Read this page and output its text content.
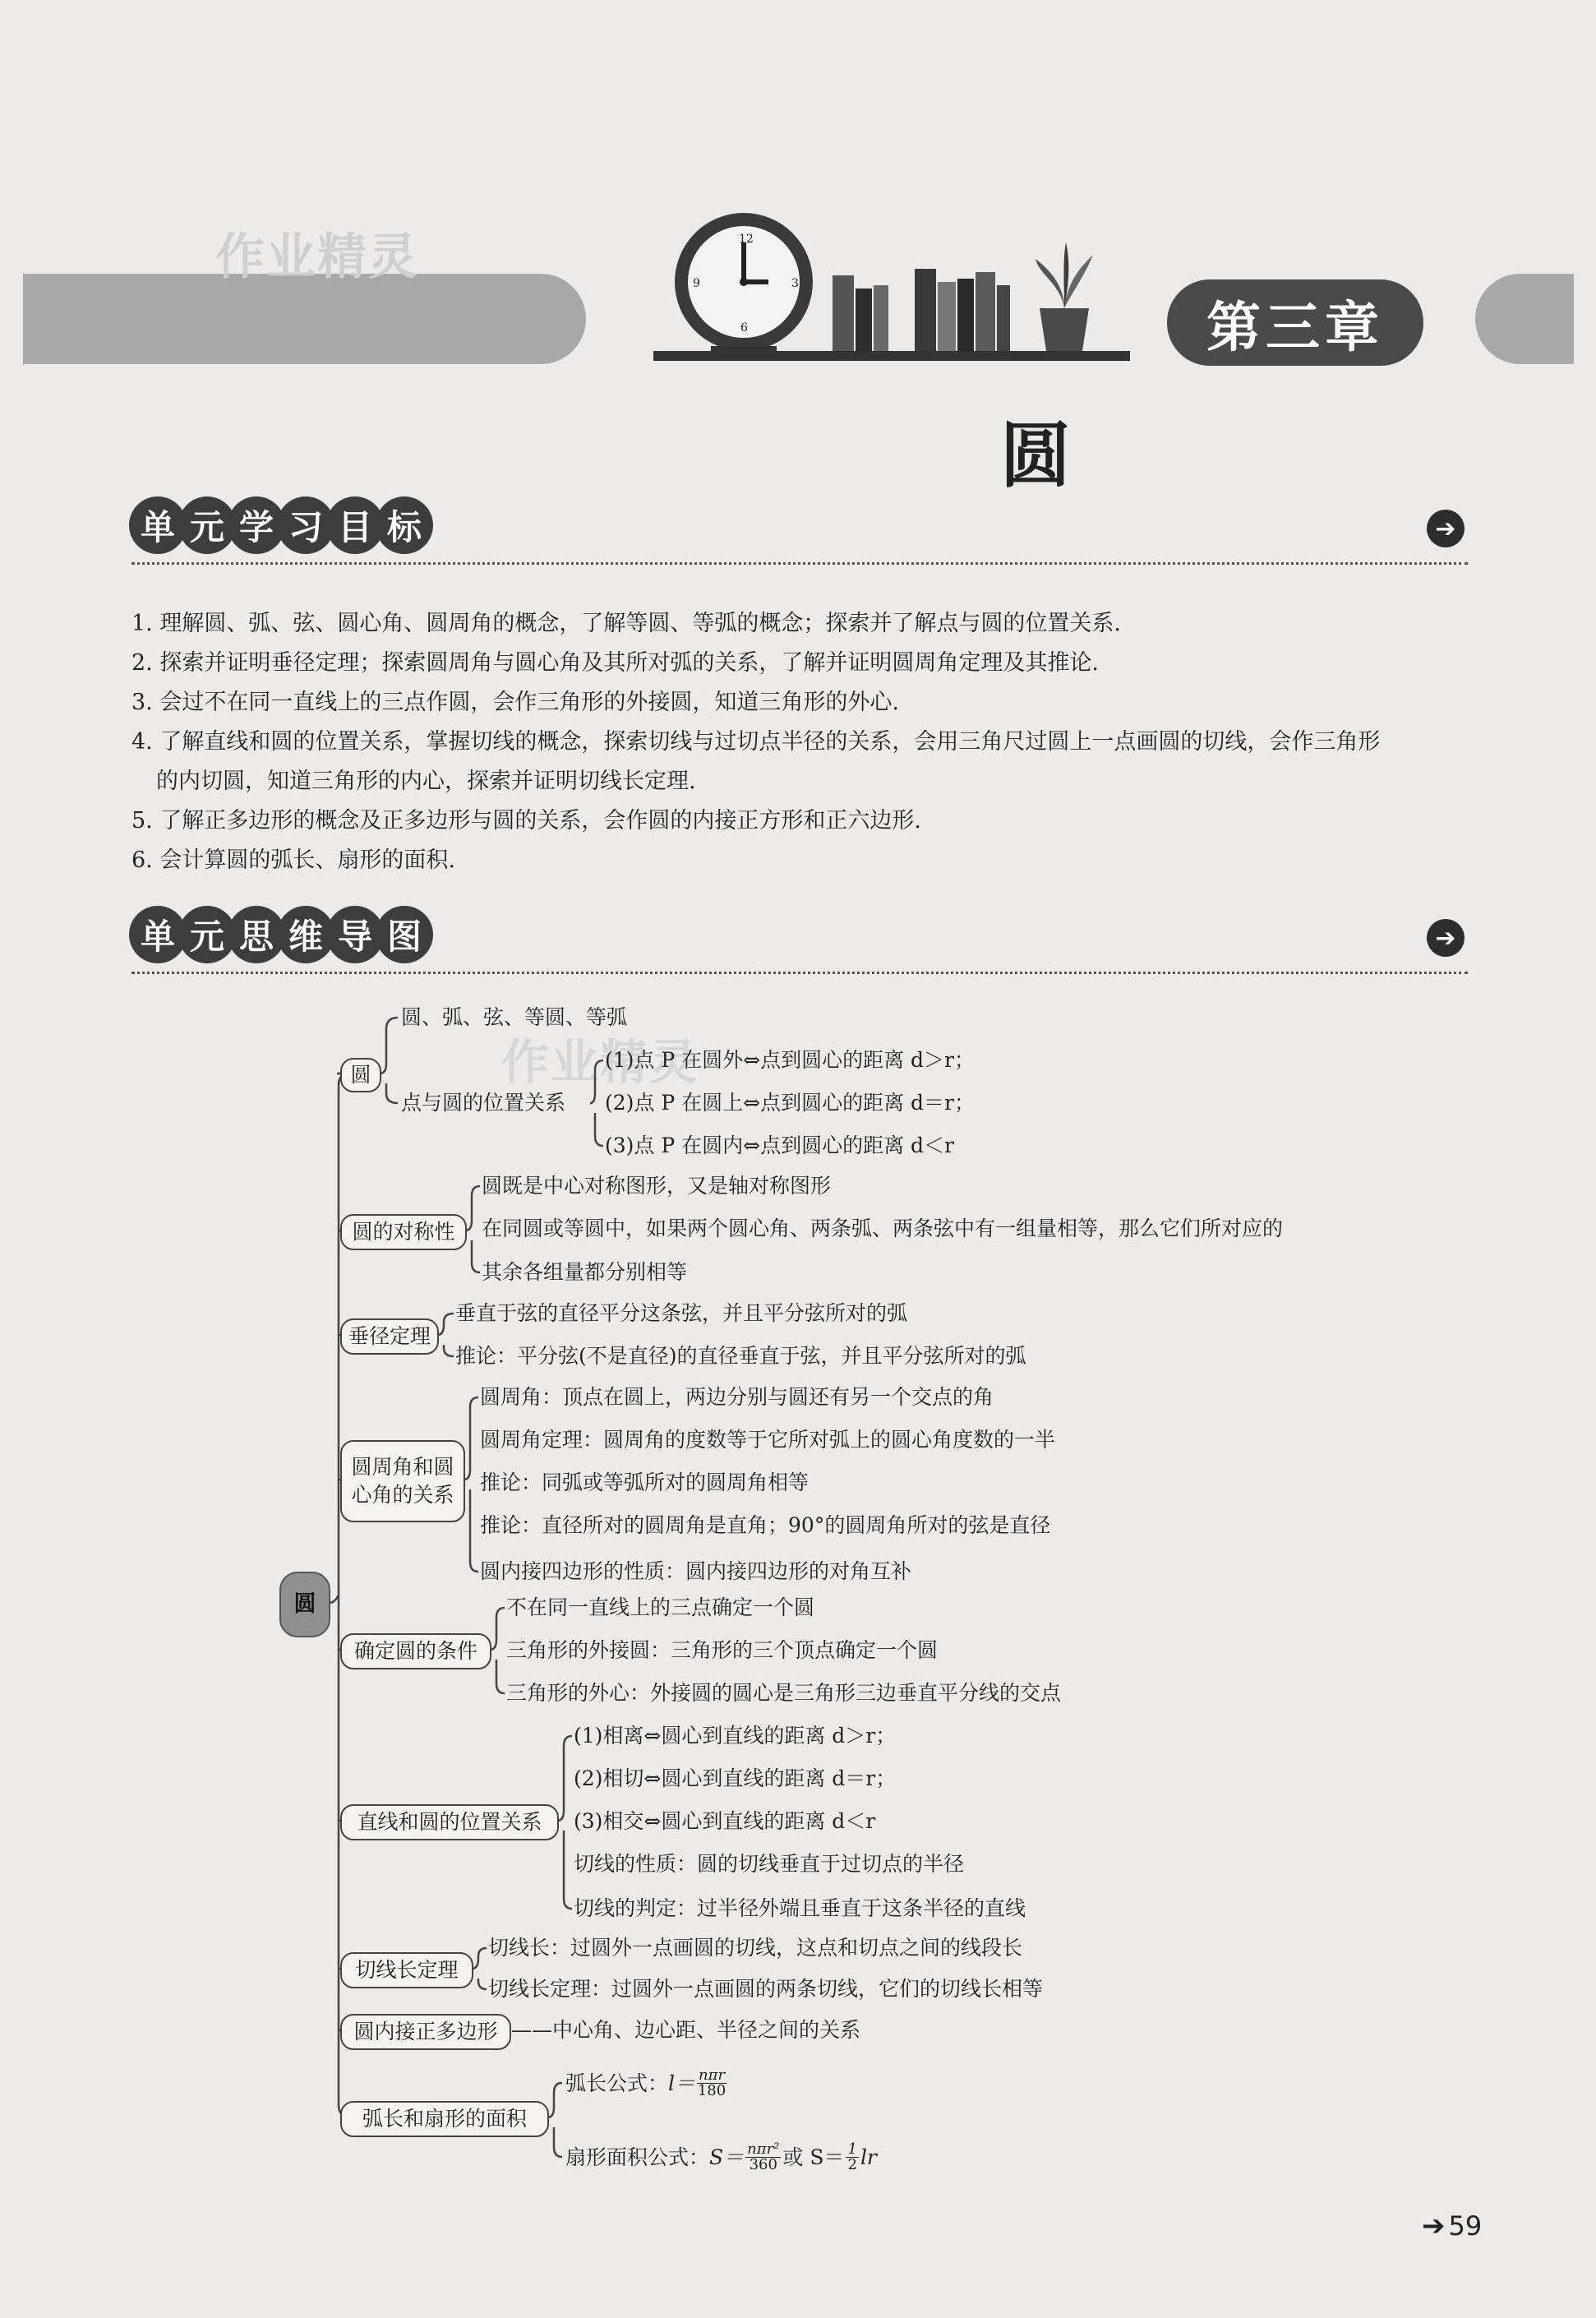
作业精灵	12
3
6
9
第三章
圆
单 元 学 习 目 标	➔
1. 理解圆、弧、弦、圆心角、圆周角的概念，了解等圆、等弧的概念；探索并了解点与圆的位置关系.
2. 探索并证明垂径定理；探索圆周角与圆心角及其所对弧的关系，了解并证明圆周角定理及其推论.
3. 会过不在同一直线上的三点作圆，会作三角形的外接圆，知道三角形的外心.
4. 了解直线和圆的位置关系，掌握切线的概念，探索切线与过切点半径的关系，会用三角尺过圆上一点画圆的切线，会作三角形
的内切圆，知道三角形的内心，探索并证明切线长定理.
5. 了解正多边形的概念及正多边形与圆的关系，会作圆的内接正方形和正六边形.
6. 会计算圆的弧长、扇形的面积.
单 元 思 维 导 图	➔
作业精灵
圆
圆
圆、弧、弦、等圆、等弧
点与圆的位置关系
(1)点 P 在圆外⇔点到圆心的距离 d＞r；
(2)点 P 在圆上⇔点到圆心的距离 d＝r；
(3)点 P 在圆内⇔点到圆心的距离 d＜r
圆的对称性
圆既是中心对称图形，又是轴对称图形
在同圆或等圆中，如果两个圆心角、两条弧、两条弦中有一组量相等，那么它们所对应的
其余各组量都分别相等
垂径定理
垂直于弦的直径平分这条弦，并且平分弦所对的弧
推论：平分弦(不是直径)的直径垂直于弦，并且平分弦所对的弧
圆周角和圆
心角的关系
圆周角：顶点在圆上，两边分别与圆还有另一个交点的角
圆周角定理：圆周角的度数等于它所对弧上的圆心角度数的一半
推论：同弧或等弧所对的圆周角相等
推论：直径所对的圆周角是直角；90°的圆周角所对的弦是直径
圆内接四边形的性质：圆内接四边形的对角互补
确定圆的条件
不在同一直线上的三点确定一个圆
三角形的外接圆：三角形的三个顶点确定一个圆
三角形的外心：外接圆的圆心是三角形三边垂直平分线的交点
直线和圆的位置关系
(1)相离⇔圆心到直线的距离 d＞r；
(2)相切⇔圆心到直线的距离 d＝r；
(3)相交⇔圆心到直线的距离 d＜r
切线的性质：圆的切线垂直于过切点的半径
切线的判定：过半径外端且垂直于这条半径的直线
切线长定理
切线长：过圆外一点画圆的切线，这点和切点之间的线段长
切线长定理：过圆外一点画圆的两条切线，它们的切线长相等
圆内接正多边形 ——中心角、边心距、半径之间的关系
弧长和扇形的面积
弧长公式： $l= \frac{\text{nπr}}{180}$
扇形面积公式： $S= \frac{\text{nπr²}}{360}$ 或 $S= \frac{1}{2}$ lr
➔ 59
